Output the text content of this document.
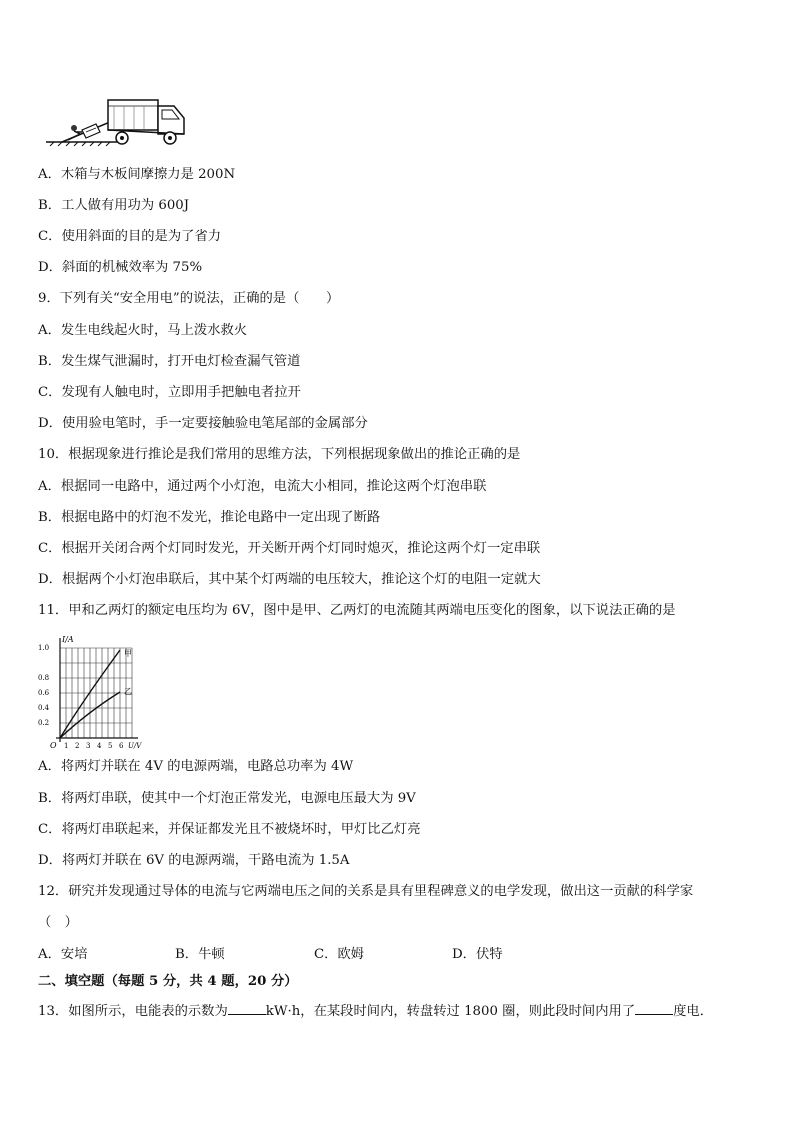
A．木箱与木板间摩擦力是 200N
B．工人做有用功为 600J
C．使用斜面的目的是为了省力
D．斜面的机械效率为 75%
9．下列有关“安全用电”的说法，正确的是（　　）
A．发生电线起火时，马上泼水救火
B．发生煤气泄漏时，打开电灯检查漏气管道
C．发现有人触电时，立即用手把触电者拉开
D．使用验电笔时，手一定要接触验电笔尾部的金属部分
10．根据现象进行推论是我们常用的思维方法，下列根据现象做出的推论正确的是
A．根据同一电路中，通过两个小灯泡，电流大小相同，推论这两个灯泡串联
B．根据电路中的灯泡不发光，推论电路中一定出现了断路
C．根据开关闭合两个灯同时发光，开关断开两个灯同时熄灭，推论这两个灯一定串联
D．根据两个小灯泡串联后，其中某个灯两端的电压较大，推论这个灯的电阻一定就大
11．甲和乙两灯的额定电压均为 6V，图中是甲、乙两灯的电流随其两端电压变化的图象，以下说法正确的是
I/A
1.0
0.8
0.6
0.4
0.2
O 1 2 3 4 5 6 U/V
甲
乙
A．将两灯并联在 4V 的电源两端，电路总功率为 4W
B．将两灯串联，使其中一个灯泡正常发光，电源电压最大为 9V
C．将两灯串联起来，并保证都发光且不被烧坏时，甲灯比乙灯亮
D．将两灯并联在 6V 的电源两端，干路电流为 1.5A
12．研究并发现通过导体的电流与它两端电压之间的关系是具有里程碑意义的电学发现，做出这一贡献的科学家
（　）
A．安培	B．牛顿	C．欧姆	D．伏特
二、填空题（每题 5 分，共 4 题，20 分）
13．如图所示，电能表的示数为	kW·h，在某段时间内，转盘转过 1800 圈，则此段时间内用了	度电．
